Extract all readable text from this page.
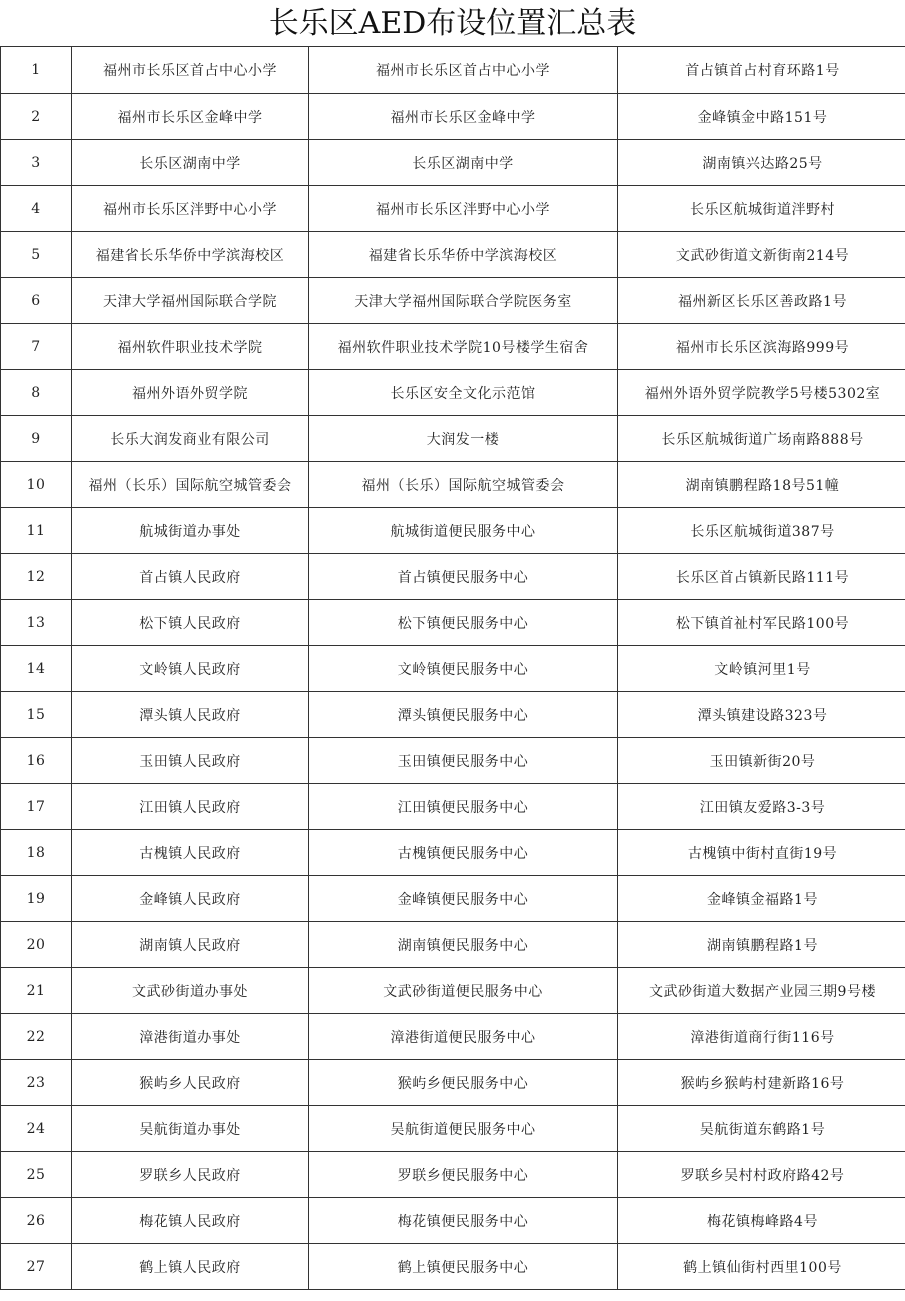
长乐区AED布设位置汇总表
1	福州市长乐区首占中心小学	福州市长乐区首占中心小学	首占镇首占村育环路1号
2	福州市长乐区金峰中学	福州市长乐区金峰中学	金峰镇金中路151号
3	长乐区湖南中学	长乐区湖南中学	湖南镇兴达路25号
4	福州市长乐区泮野中心小学	福州市长乐区泮野中心小学	长乐区航城街道泮野村
5	福建省长乐华侨中学滨海校区	福建省长乐华侨中学滨海校区	文武砂街道文新街南214号
6	天津大学福州国际联合学院	天津大学福州国际联合学院医务室	福州新区长乐区善政路1号
7	福州软件职业技术学院	福州软件职业技术学院10号楼学生宿舍	福州市长乐区滨海路999号
8	福州外语外贸学院	长乐区安全文化示范馆	福州外语外贸学院教学5号楼5302室
9	长乐大润发商业有限公司	大润发一楼	长乐区航城街道广场南路888号
10	福州（长乐）国际航空城管委会	福州（长乐）国际航空城管委会	湖南镇鹏程路18号51幢
11	航城街道办事处	航城街道便民服务中心	长乐区航城街道387号
12	首占镇人民政府	首占镇便民服务中心	长乐区首占镇新民路111号
13	松下镇人民政府	松下镇便民服务中心	松下镇首祉村军民路100号
14	文岭镇人民政府	文岭镇便民服务中心	文岭镇河里1号
15	潭头镇人民政府	潭头镇便民服务中心	潭头镇建设路323号
16	玉田镇人民政府	玉田镇便民服务中心	玉田镇新街20号
17	江田镇人民政府	江田镇便民服务中心	江田镇友爱路3-3号
18	古槐镇人民政府	古槐镇便民服务中心	古槐镇中街村直街19号
19	金峰镇人民政府	金峰镇便民服务中心	金峰镇金福路1号
20	湖南镇人民政府	湖南镇便民服务中心	湖南镇鹏程路1号
21	文武砂街道办事处	文武砂街道便民服务中心	文武砂街道大数据产业园三期9号楼
22	漳港街道办事处	漳港街道便民服务中心	漳港街道商行街116号
23	猴屿乡人民政府	猴屿乡便民服务中心	猴屿乡猴屿村建新路16号
24	吴航街道办事处	吴航街道便民服务中心	吴航街道东鹤路1号
25	罗联乡人民政府	罗联乡便民服务中心	罗联乡吴村村政府路42号
26	梅花镇人民政府	梅花镇便民服务中心	梅花镇梅峰路4号
27	鹤上镇人民政府	鹤上镇便民服务中心	鹤上镇仙街村西里100号
